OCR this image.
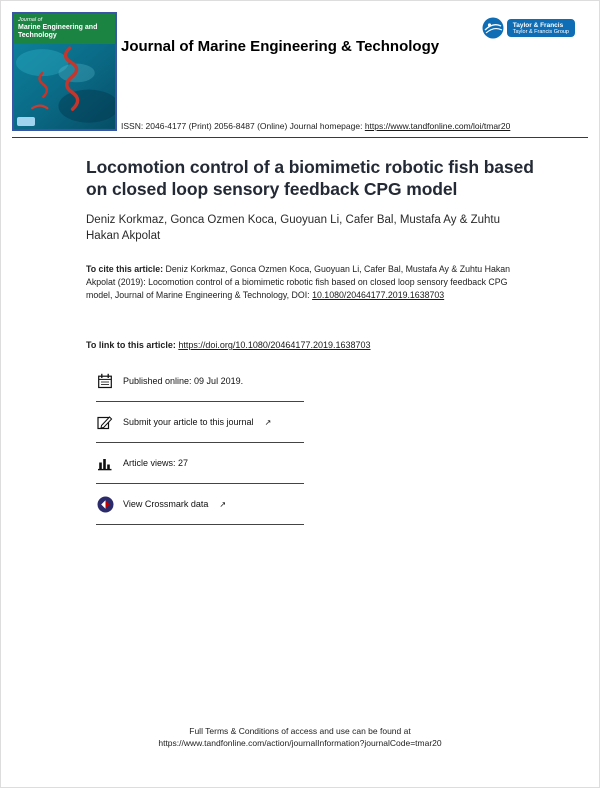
Journal of
Marine Engineering and Technology
Taylor & Francis
Taylor & Francis Group
Journal of Marine Engineering & Technology
ISSN: 2046-4177 (Print) 2056-8487 (Online) Journal homepage: https://www.tandfonline.com/loi/tmar20
Locomotion control of a biomimetic robotic fish based on closed loop sensory feedback CPG model

Deniz Korkmaz, Gonca Ozmen Koca, Guoyuan Li, Cafer Bal, Mustafa Ay & Zuhtu Hakan Akpolat

To cite this article: Deniz Korkmaz, Gonca Ozmen Koca, Guoyuan Li, Cafer Bal, Mustafa Ay & Zuhtu Hakan Akpolat (2019): Locomotion control of a biomimetic robotic fish based on closed loop sensory feedback CPG model, Journal of Marine Engineering & Technology, DOI: 10.1080/20464177.2019.1638703

To link to this article: https://doi.org/10.1080/20464177.2019.1638703

Published online: 09 Jul 2019.
Submit your article to this journal ↗
Article views: 27
View Crossmark data ↗
Full Terms & Conditions of access and use can be found at
https://www.tandfonline.com/action/journalInformation?journalCode=tmar20
